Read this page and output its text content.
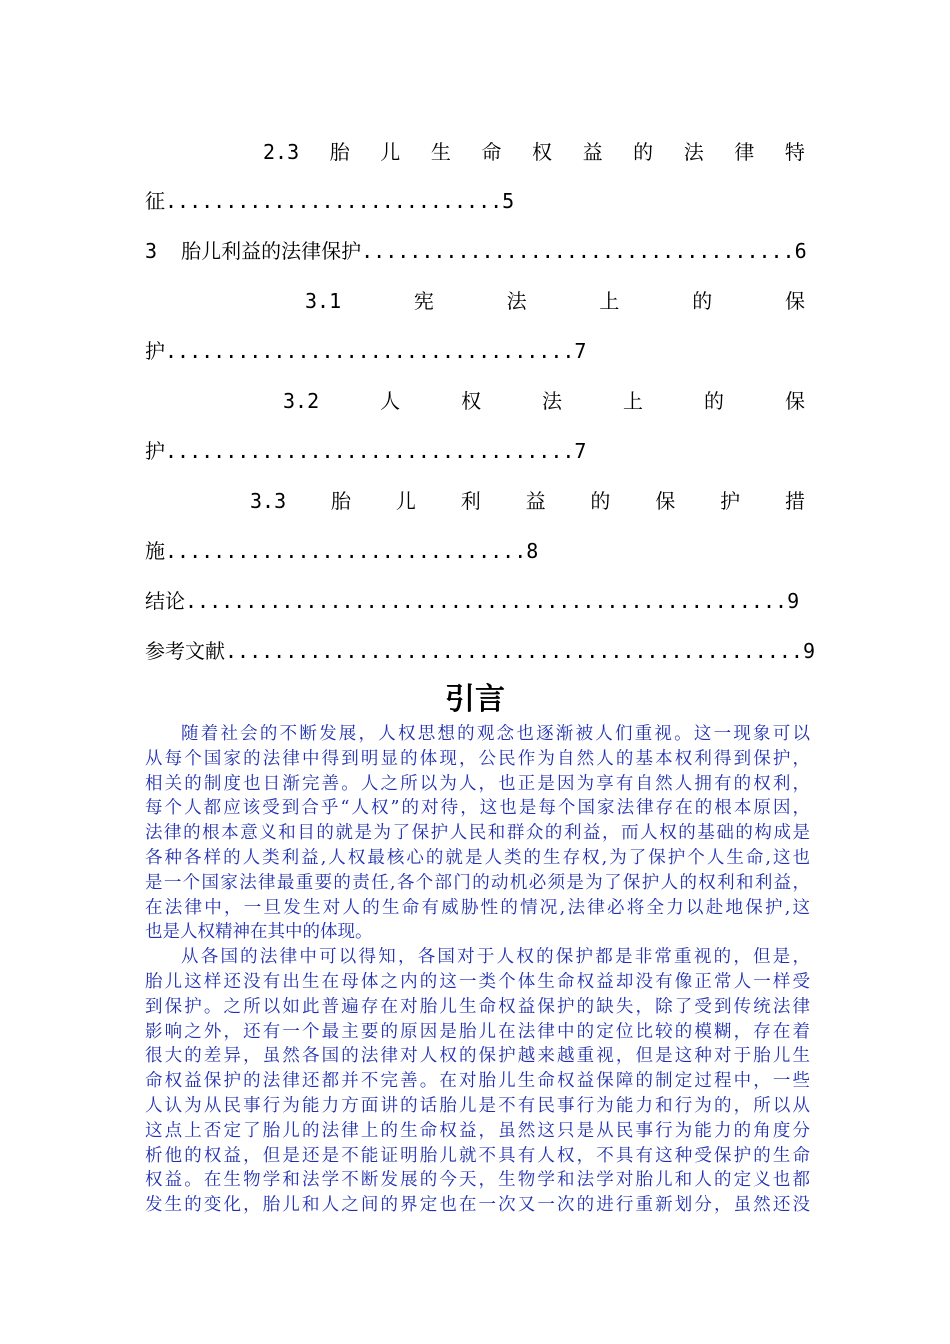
2.3 胎 儿 生 命 权 益 的 法 律 特
征............................5
3  胎儿利益的法律保护....................................6
3.1	宪	法	上	的	保
护..................................7
3.2	人	权	法	上	的	保
护..................................7
3.3 胎 儿 利 益 的 保 护 措
施..............................8
结论..................................................9
参考文献................................................9
引言
随着社会的不断发展，人权思想的观念也逐渐被人们重视。这一现象可以
从每个国家的法律中得到明显的体现，公民作为自然人的基本权利得到保护，
相关的制度也日渐完善。人之所以为人，也正是因为享有自然人拥有的权利，
每个人都应该受到合乎“人权”的对待，这也是每个国家法律存在的根本原因，
法律的根本意义和目的就是为了保护人民和群众的利益，而人权的基础的构成是
各种各样的人类利益,人权最核心的就是人类的生存权,为了保护个人生命,这也
是一个国家法律最重要的责任,各个部门的动机必须是为了保护人的权利和利益，
在法律中，一旦发生对人的生命有威胁性的情况,法律必将全力以赴地保护,这
也是人权精神在其中的体现。
从各国的法律中可以得知，各国对于人权的保护都是非常重视的，但是，
胎儿这样还没有出生在母体之内的这一类个体生命权益却没有像正常人一样受
到保护。之所以如此普遍存在对胎儿生命权益保护的缺失，除了受到传统法律
影响之外，还有一个最主要的原因是胎儿在法律中的定位比较的模糊，存在着
很大的差异，虽然各国的法律对人权的保护越来越重视，但是这种对于胎儿生
命权益保护的法律还都并不完善。在对胎儿生命权益保障的制定过程中，一些
人认为从民事行为能力方面讲的话胎儿是不有民事行为能力和行为的，所以从
这点上否定了胎儿的法律上的生命权益，虽然这只是从民事行为能力的角度分
析他的权益，但是还是不能证明胎儿就不具有人权，不具有这种受保护的生命
权益。在生物学和法学不断发展的今天，生物学和法学对胎儿和人的定义也都
发生的变化，胎儿和人之间的界定也在一次又一次的进行重新划分，虽然还没
